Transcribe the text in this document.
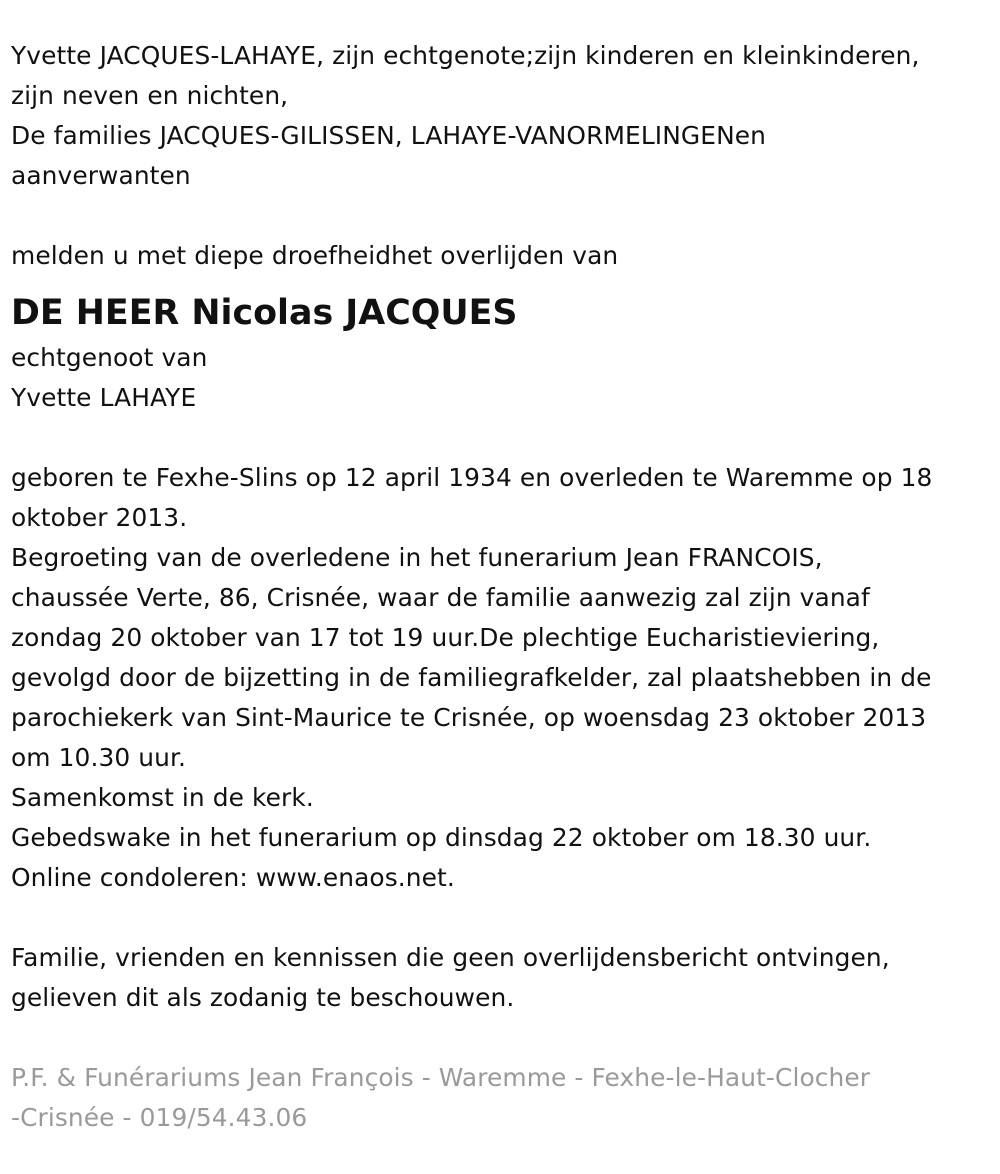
Yvette JACQUES-LAHAYE, zijn echtgenote;zijn kinderen en kleinkinderen,
zijn neven en nichten,
De families JACQUES-GILISSEN, LAHAYE-VANORMELINGENen
aanverwanten
melden u met diepe droefheidhet overlijden van
DE HEER Nicolas JACQUES
echtgenoot van
Yvette LAHAYE
geboren te Fexhe-Slins op 12 april 1934 en overleden te Waremme op 18
oktober 2013.
Begroeting van de overledene in het funerarium Jean FRANCOIS,
chaussée Verte, 86, Crisnée, waar de familie aanwezig zal zijn vanaf
zondag 20 oktober van 17 tot 19 uur.De plechtige Eucharistieviering,
gevolgd door de bijzetting in de familiegrafkelder, zal plaatshebben in de
parochiekerk van Sint-Maurice te Crisnée, op woensdag 23 oktober 2013
om 10.30 uur.
Samenkomst in de kerk.
Gebedswake in het funerarium op dinsdag 22 oktober om 18.30 uur.
Online condoleren: www.enaos.net.
Familie, vrienden en kennissen die geen overlijdensbericht ontvingen,
gelieven dit als zodanig te beschouwen.
P.F. & Funérariums Jean François - Waremme - Fexhe-le-Haut-Clocher
-Crisnée - 019/54.43.06
